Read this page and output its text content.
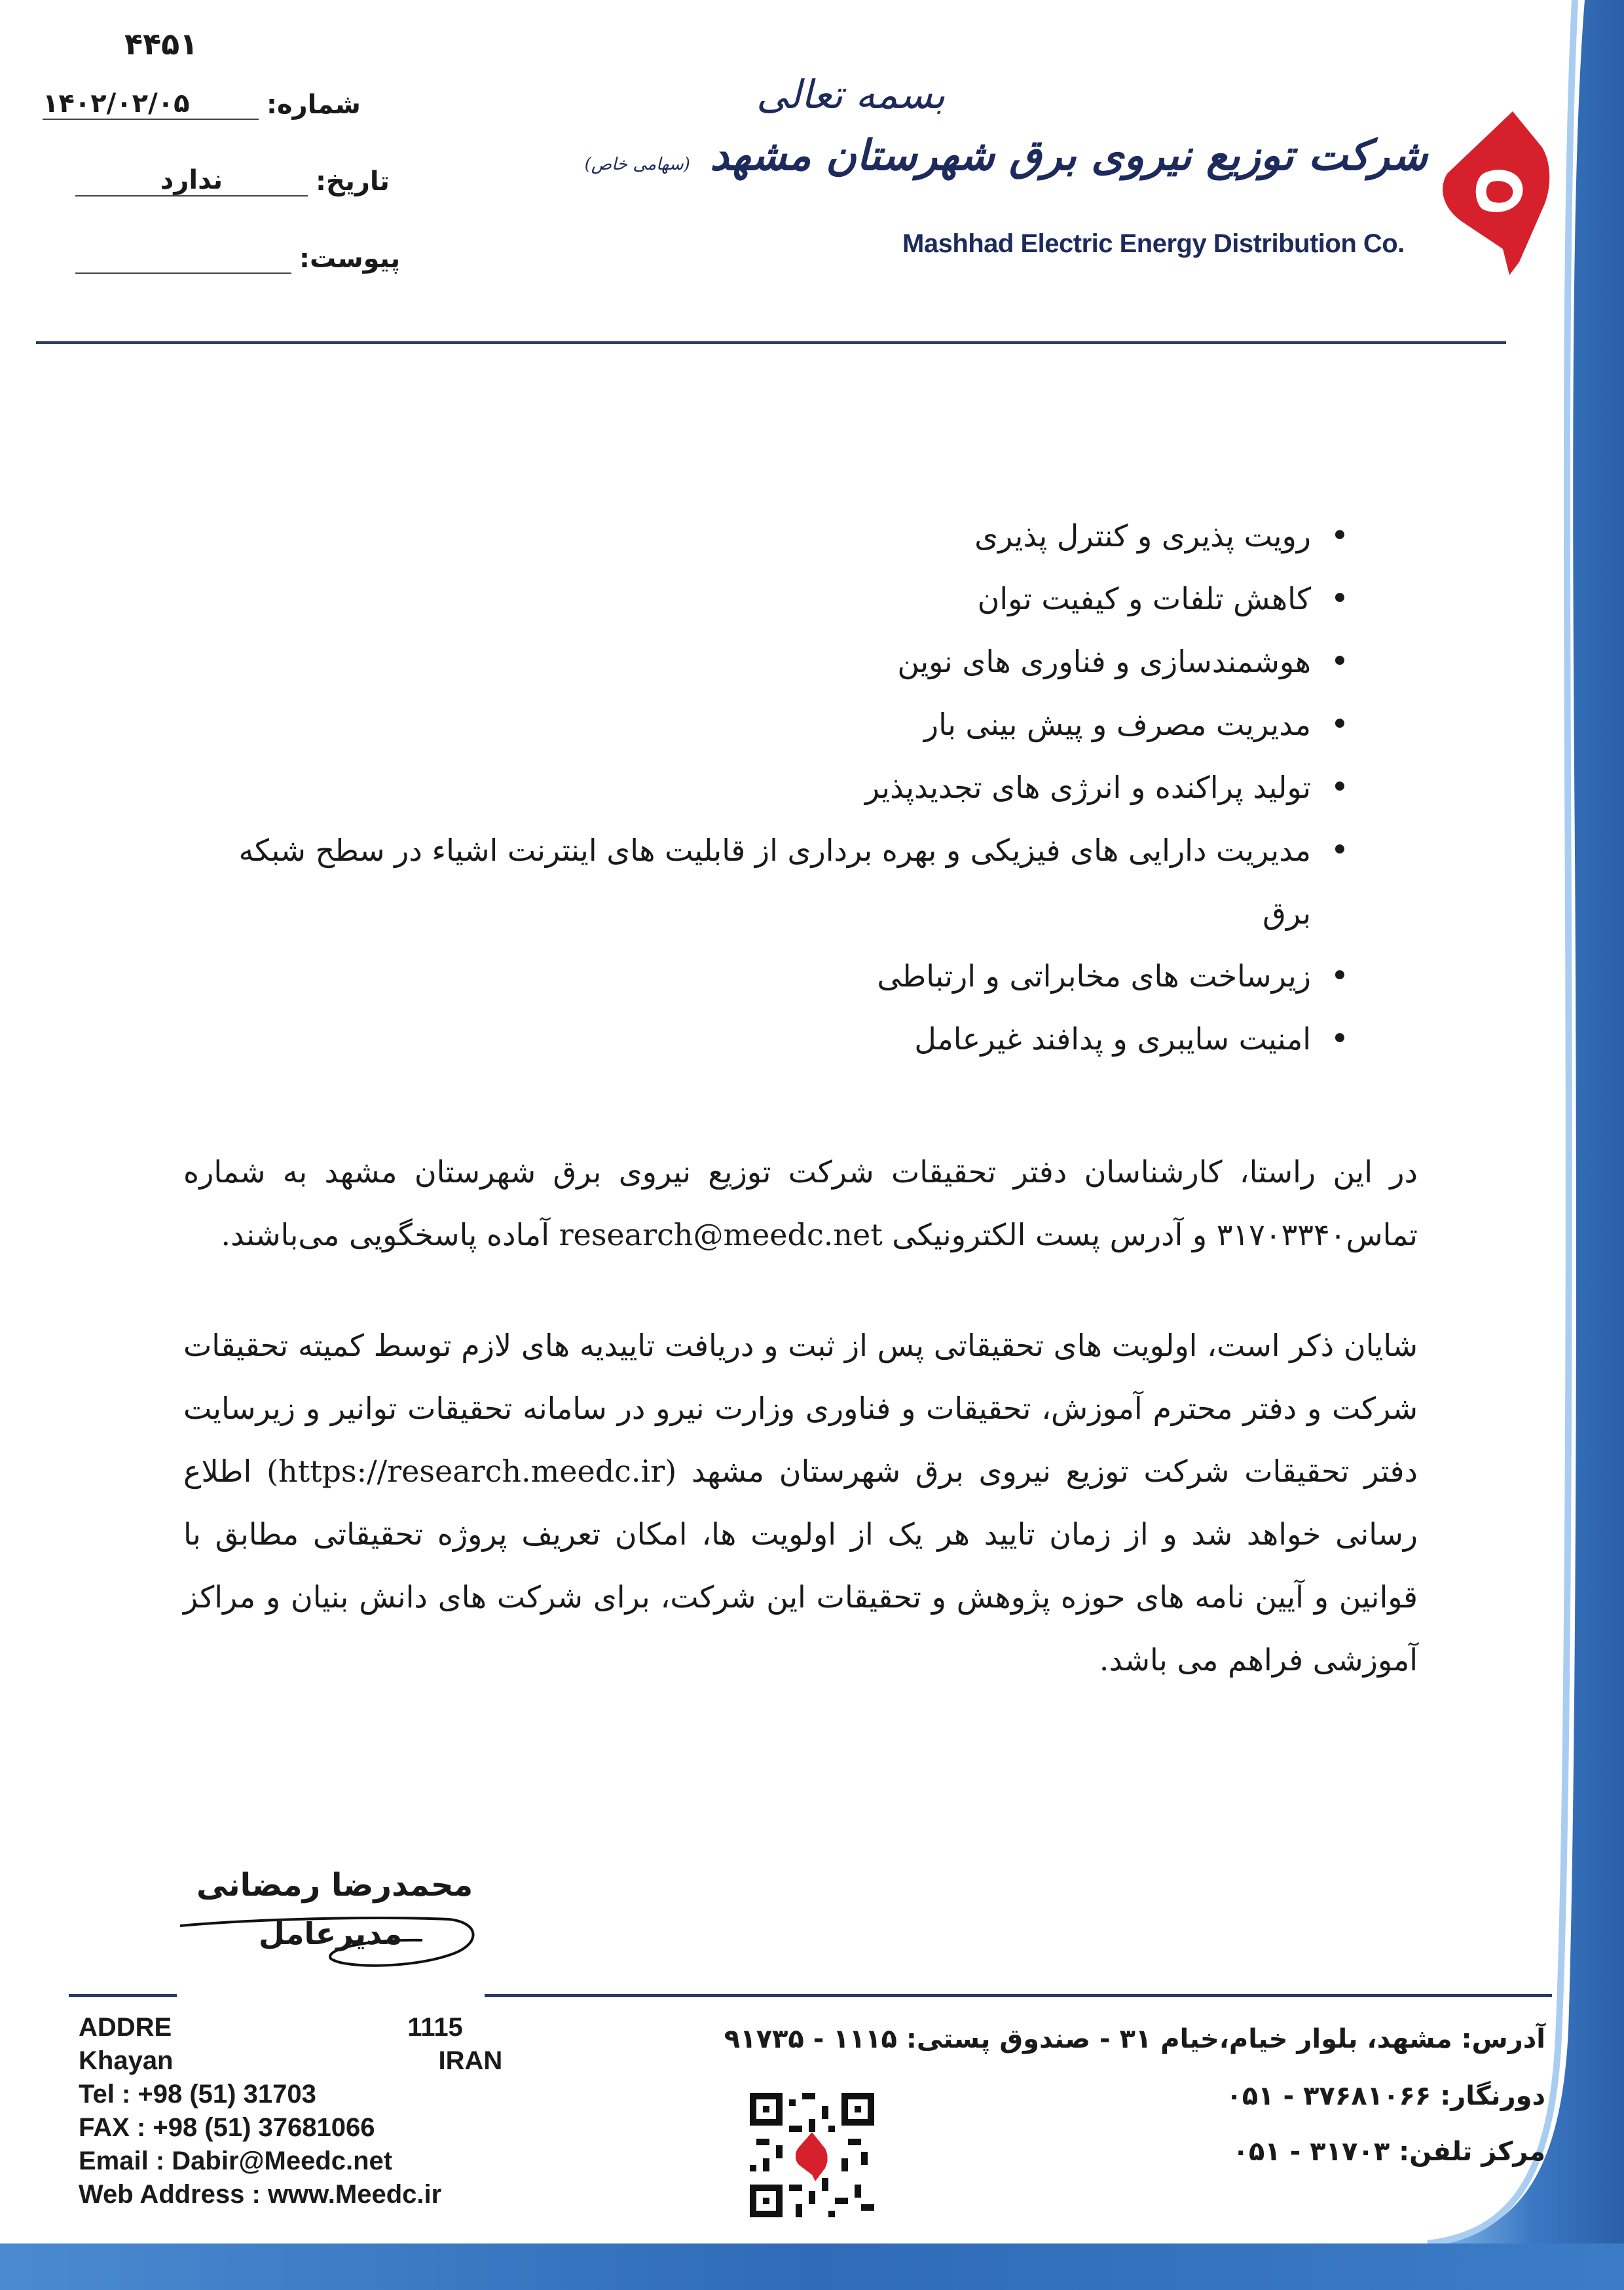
۴۴۵۱
شماره:
۱۴۰۲/۰۲/۰۵
تاریخ:
ندارد
پیوست:
بسمه تعالی
شرکت توزیع نیروی برق شهرستان مشهد (سهامی خاص)
Mashhad Electric Energy Distribution Co.
• رویت پذیری و کنترل پذیری
• کاهش تلفات و کیفیت توان
• هوشمندسازی و فناوری های نوین
• مدیریت مصرف و پیش بینی بار
• تولید پراکنده و انرژی های تجدیدپذیر
• مدیریت دارایی های فیزیکی و بهره برداری از قابلیت های اینترنت اشیاء در سطح شبکه برق
• زیرساخت های مخابراتی و ارتباطی
• امنیت سایبری و پدافند غیرعامل

در این راستا، کارشناسان دفتر تحقیقات شرکت توزیع نیروی برق شهرستان مشهد به شماره تماس۳۱۷۰۳۳۴۰ و آدرس پست الکترونیکی research@meedc.net آماده پاسخگویی می‌باشند.

شایان ذکر است، اولویت های تحقیقاتی پس از ثبت و دریافت تاییدیه های لازم توسط کمیته تحقیقات شرکت و دفتر محترم آموزش، تحقیقات و فناوری وزارت نیرو در سامانه تحقیقات توانیر و زیرسایت دفتر تحقیقات شرکت توزیع نیروی برق شهرستان مشهد (https://research.meedc.ir) اطلاع رسانی خواهد شد و از زمان تایید هر یک از اولویت ها، امکان تعریف پروژه تحقیقاتی مطابق با قوانین و آیین نامه های حوزه پژوهش و تحقیقات این شرکت، برای شرکت های دانش بنیان و مراکز آموزشی فراهم می باشد.

محمدرضا رمضانی
مدیرعامل
ADDRE	1115
Khayan	IRAN
Tel : +98 (51) 31703
FAX : +98 (51) 37681066
Email : Dabir@Meedc.net
Web Address : www.Meedc.ir
آدرس: مشهد، بلوار خیام،خیام ۳۱ - صندوق پستی: ۱۱۱۵ - ۹۱۷۳۵
دورنگار: ۳۷۶۸۱۰۶۶ - ۰۵۱
مرکز تلفن: ۳۱۷۰۳ - ۰۵۱
